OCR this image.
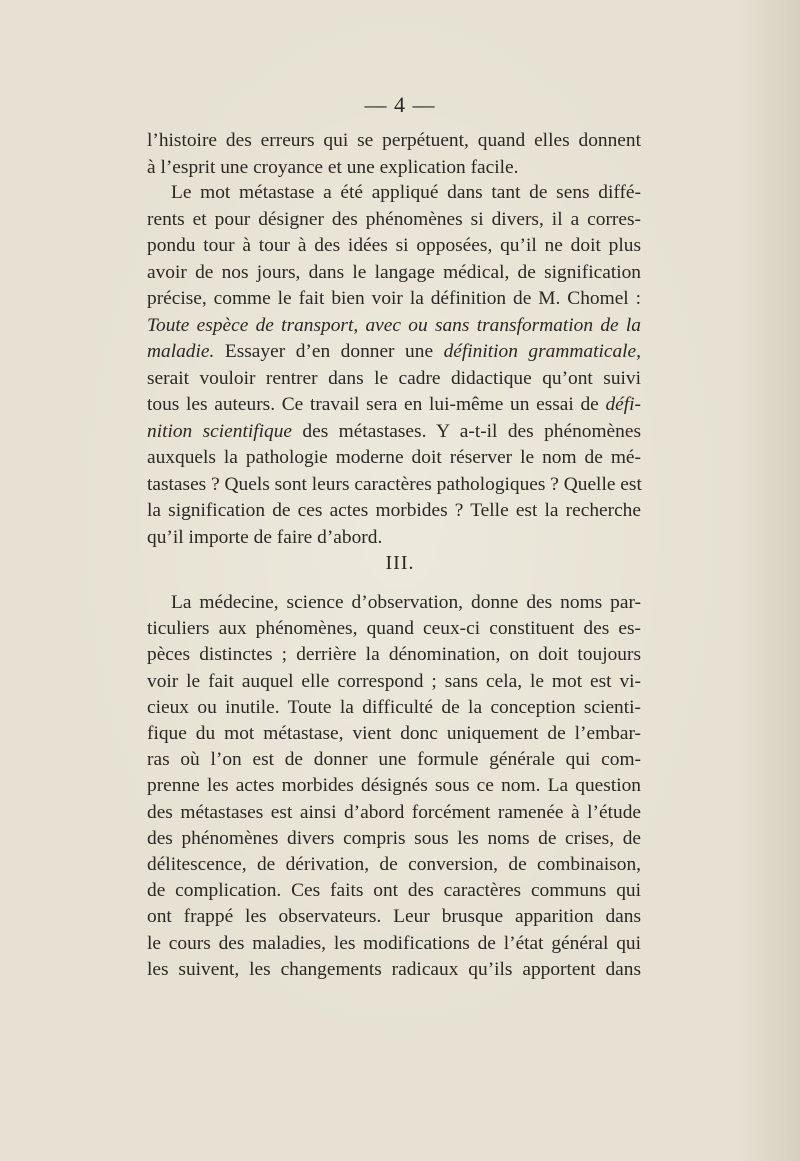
— 4 —
l’histoire des erreurs qui se perpétuent, quand elles donnent
à l’esprit une croyance et une explication facile.
Le mot métastase a été appliqué dans tant de sens diffé-
rents et pour désigner des phénomènes si divers, il a corres-
pondu tour à tour à des idées si opposées, qu’il ne doit plus
avoir de nos jours, dans le langage médical, de signification
précise, comme le fait bien voir la définition de M. Chomel :
Toute espèce de transport, avec ou sans transformation de la
maladie. Essayer d’en donner une définition grammaticale,
serait vouloir rentrer dans le cadre didactique qu’ont suivi
tous les auteurs. Ce travail sera en lui-même un essai de défi-
nition scientifique des métastases. Y a-t-il des phénomènes
auxquels la pathologie moderne doit réserver le nom de mé-
tastases ? Quels sont leurs caractères pathologiques ? Quelle est
la signification de ces actes morbides ? Telle est la recherche
qu’il importe de faire d’abord.
III.
La médecine, science d’observation, donne des noms par-
ticuliers aux phénomènes, quand ceux-ci constituent des es-
pèces distinctes ; derrière la dénomination, on doit toujours
voir le fait auquel elle correspond ; sans cela, le mot est vi-
cieux ou inutile. Toute la difficulté de la conception scienti-
fique du mot métastase, vient donc uniquement de l’embar-
ras où l’on est de donner une formule générale qui com-
prenne les actes morbides désignés sous ce nom. La question
des métastases est ainsi d’abord forcément ramenée à l’étude
des phénomènes divers compris sous les noms de crises, de
délitescence, de dérivation, de conversion, de combinaison,
de complication. Ces faits ont des caractères communs qui
ont frappé les observateurs. Leur brusque apparition dans
le cours des maladies, les modifications de l’état général qui
les suivent, les changements radicaux qu’ils apportent dans
